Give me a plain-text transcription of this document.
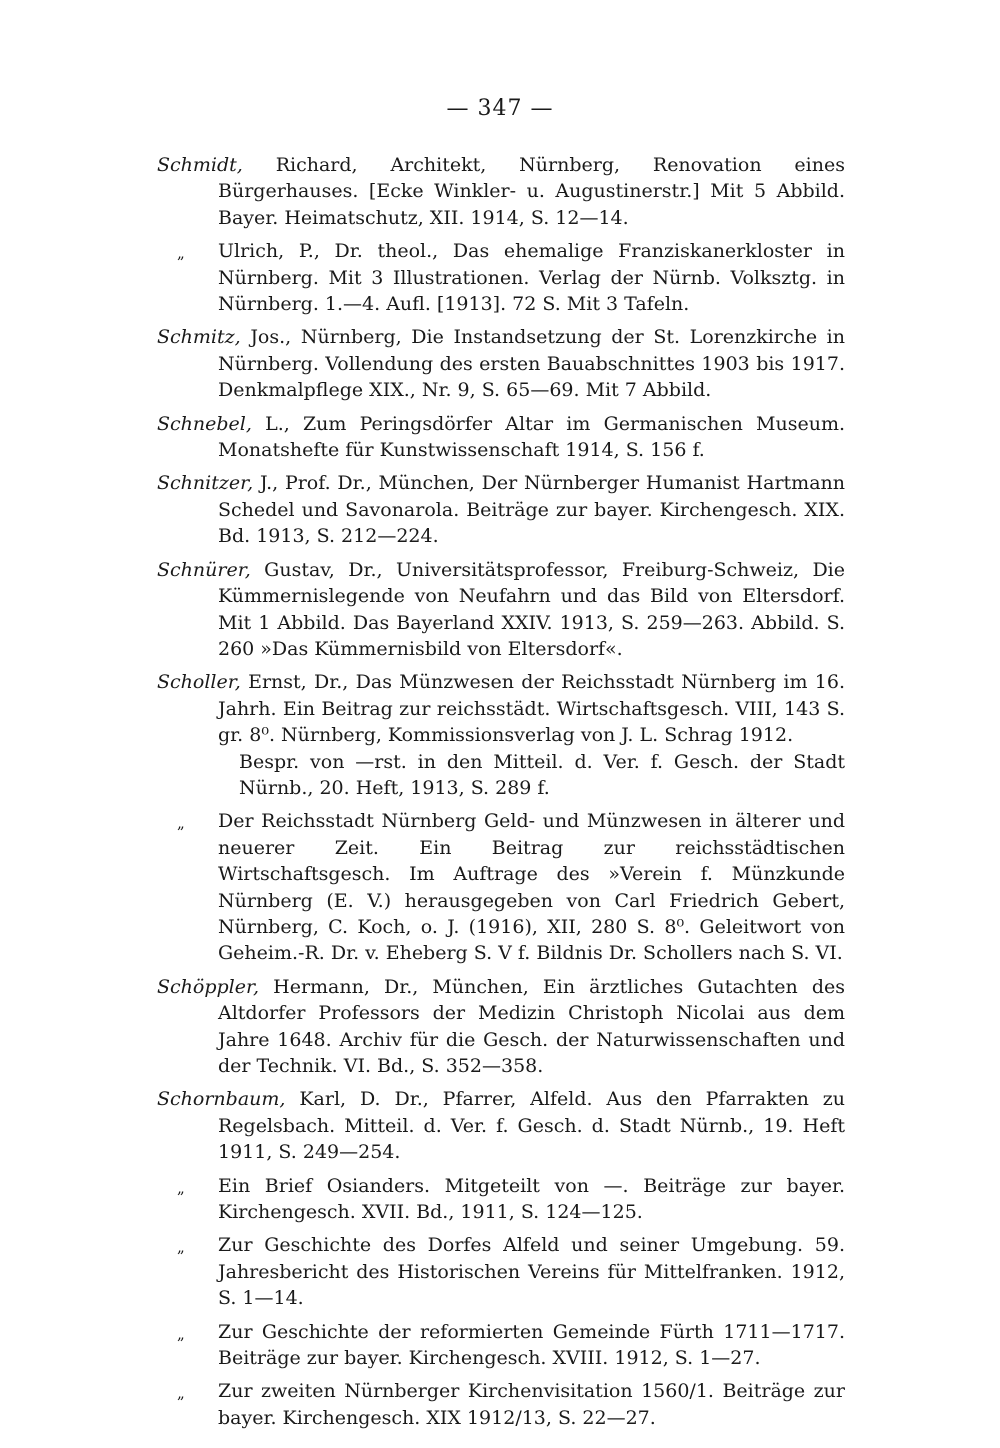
— 347 —
Schmidt, Richard, Architekt, Nürnberg, Renovation eines Bürgerhauses. [Ecke Winkler- u. Augustinerstr.] Mit 5 Abbild. Bayer. Heimatschutz, XII. 1914, S. 12—14.
„ Ulrich, P., Dr. theol., Das ehemalige Franziskanerkloster in Nürnberg. Mit 3 Illustrationen. Verlag der Nürnb. Volksztg. in Nürnberg. 1.—4. Aufl. [1913]. 72 S. Mit 3 Tafeln.
Schmitz, Jos., Nürnberg, Die Instandsetzung der St. Lorenzkirche in Nürnberg. Vollendung des ersten Bauabschnittes 1903 bis 1917. Denkmalpflege XIX., Nr. 9, S. 65—69. Mit 7 Abbild.
Schnebel, L., Zum Peringsdörfer Altar im Germanischen Museum. Monatshefte für Kunstwissenschaft 1914, S. 156 f.
Schnitzer, J., Prof. Dr., München, Der Nürnberger Humanist Hartmann Schedel und Savonarola. Beiträge zur bayer. Kirchengesch. XIX. Bd. 1913, S. 212—224.
Schnürer, Gustav, Dr., Universitätsprofessor, Freiburg-Schweiz, Die Kümmernislegende von Neufahrn und das Bild von Eltersdorf. Mit 1 Abbild. Das Bayerland XXIV. 1913, S. 259—263. Abbild. S. 260 »Das Kümmernisbild von Eltersdorf«.
Scholler, Ernst, Dr., Das Münzwesen der Reichsstadt Nürnberg im 16. Jahrh. Ein Beitrag zur reichsstädt. Wirtschaftsgesch. VIII, 143 S. gr. 8⁰. Nürnberg, Kommissionsverlag von J. L. Schrag 1912.
Bespr. von —rst. in den Mitteil. d. Ver. f. Gesch. der Stadt Nürnb., 20. Heft, 1913, S. 289 f.
„ Der Reichsstadt Nürnberg Geld- und Münzwesen in älterer und neuerer Zeit. Ein Beitrag zur reichsstädtischen Wirtschaftsgesch. Im Auftrage des »Verein f. Münzkunde Nürnberg (E. V.) herausgegeben von Carl Friedrich Gebert, Nürnberg, C. Koch, o. J. (1916), XII, 280 S. 8⁰. Geleitwort von Geheim.-R. Dr. v. Eheberg S. V f. Bildnis Dr. Schollers nach S. VI.
Schöppler, Hermann, Dr., München, Ein ärztliches Gutachten des Altdorfer Professors der Medizin Christoph Nicolai aus dem Jahre 1648. Archiv für die Gesch. der Naturwissenschaften und der Technik. VI. Bd., S. 352—358.
Schornbaum, Karl, D. Dr., Pfarrer, Alfeld. Aus den Pfarrakten zu Regelsbach. Mitteil. d. Ver. f. Gesch. d. Stadt Nürnb., 19. Heft 1911, S. 249—254.
„ Ein Brief Osianders. Mitgeteilt von —. Beiträge zur bayer. Kirchengesch. XVII. Bd., 1911, S. 124—125.
„ Zur Geschichte des Dorfes Alfeld und seiner Umgebung. 59. Jahresbericht des Historischen Vereins für Mittelfranken. 1912, S. 1—14.
„ Zur Geschichte der reformierten Gemeinde Fürth 1711—1717. Beiträge zur bayer. Kirchengesch. XVIII. 1912, S. 1—27.
„ Zur zweiten Nürnberger Kirchenvisitation 1560/1. Beiträge zur bayer. Kirchengesch. XIX 1912/13, S. 22—27.
